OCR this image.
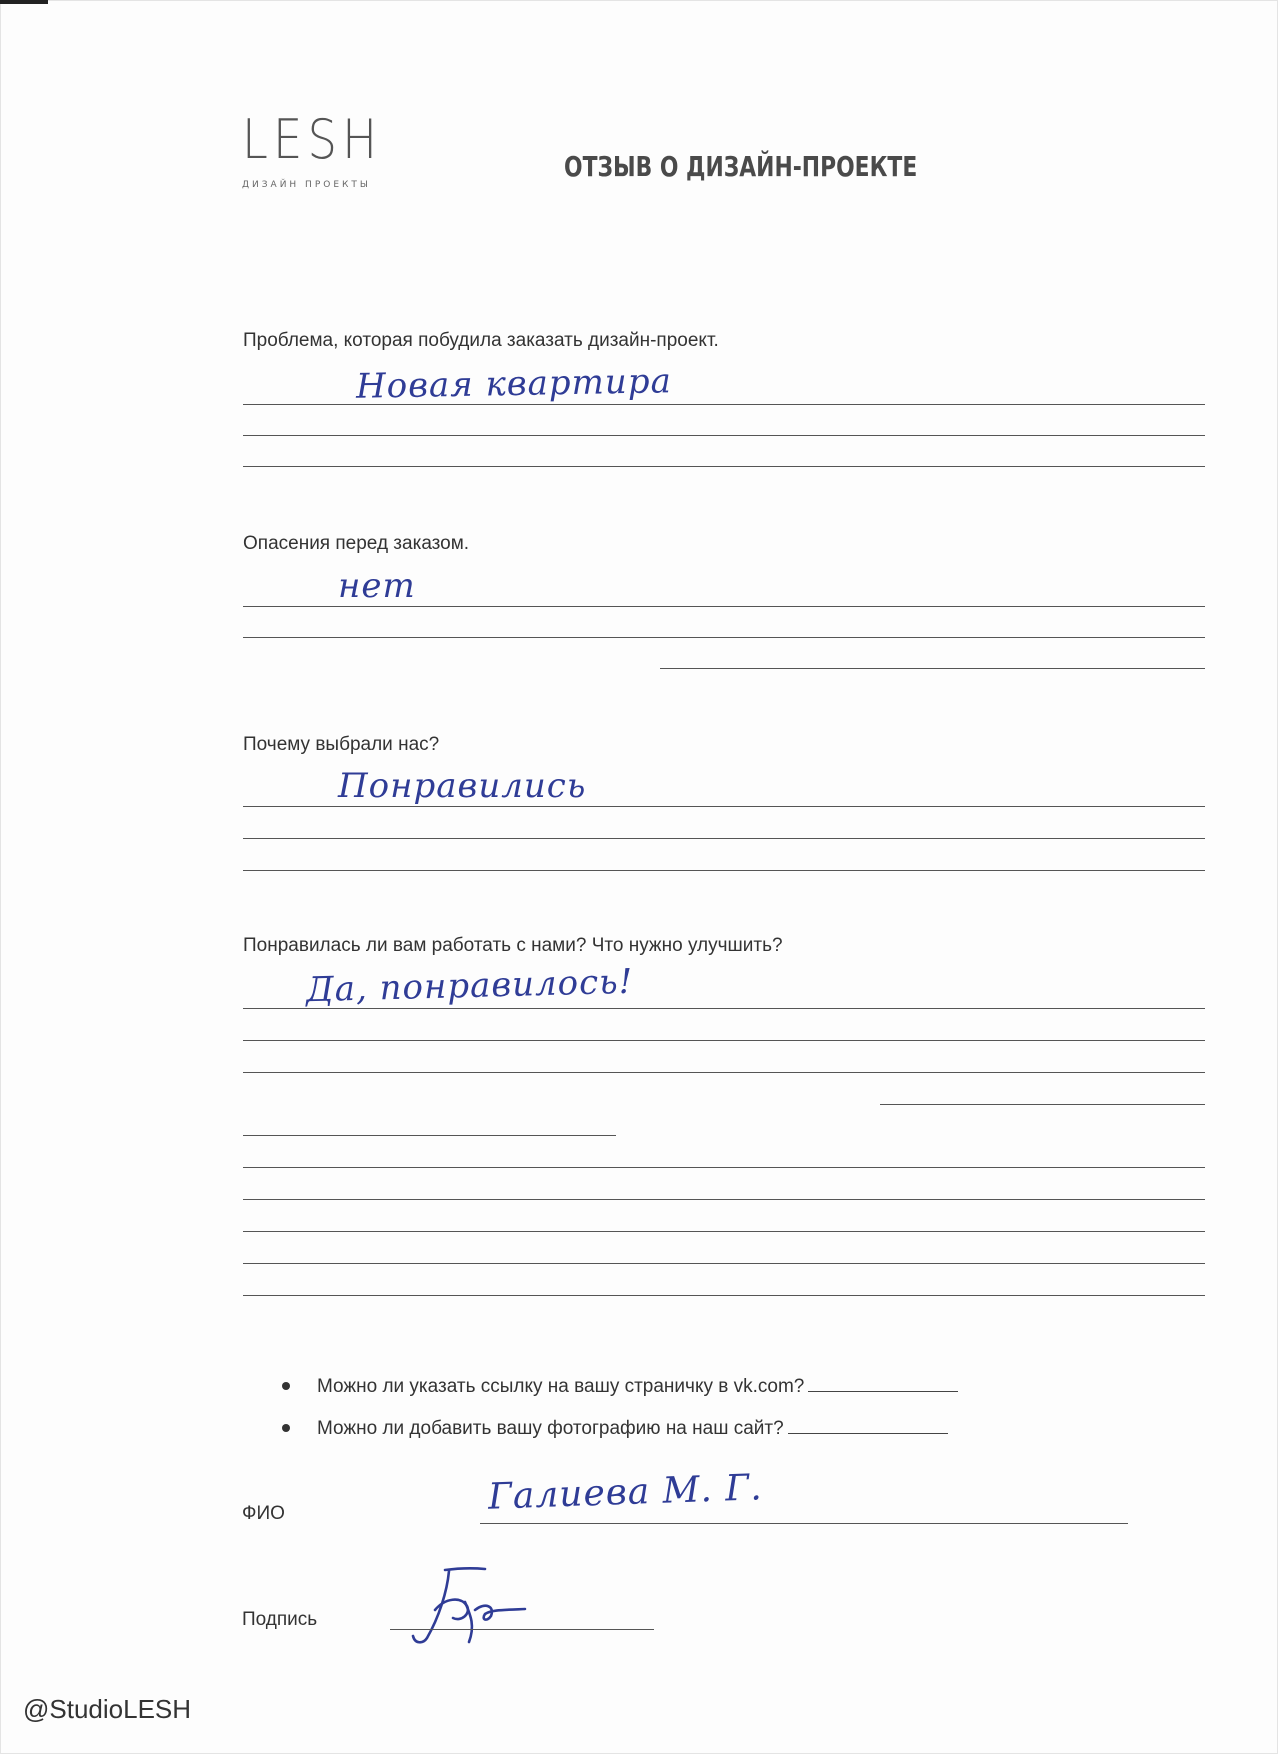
LESH
ДИЗАЙН ПРОЕКТЫ
ОТЗЫВ О ДИЗАЙН-ПРОЕКТЕ
Проблема, которая побудила заказать дизайн-проект.
Новая квартира
Опасения перед заказом.
нет
Почему выбрали нас?
Понравились
Понравилась ли вам работать с нами? Что нужно улучшить?
Да, понравилось!
Можно ли указать ссылку на вашу страничку в vk.com?
Можно ли добавить вашу фотографию на наш сайт?
ФИО	Галиева М. Г.
Подпись
@StudioLESH
